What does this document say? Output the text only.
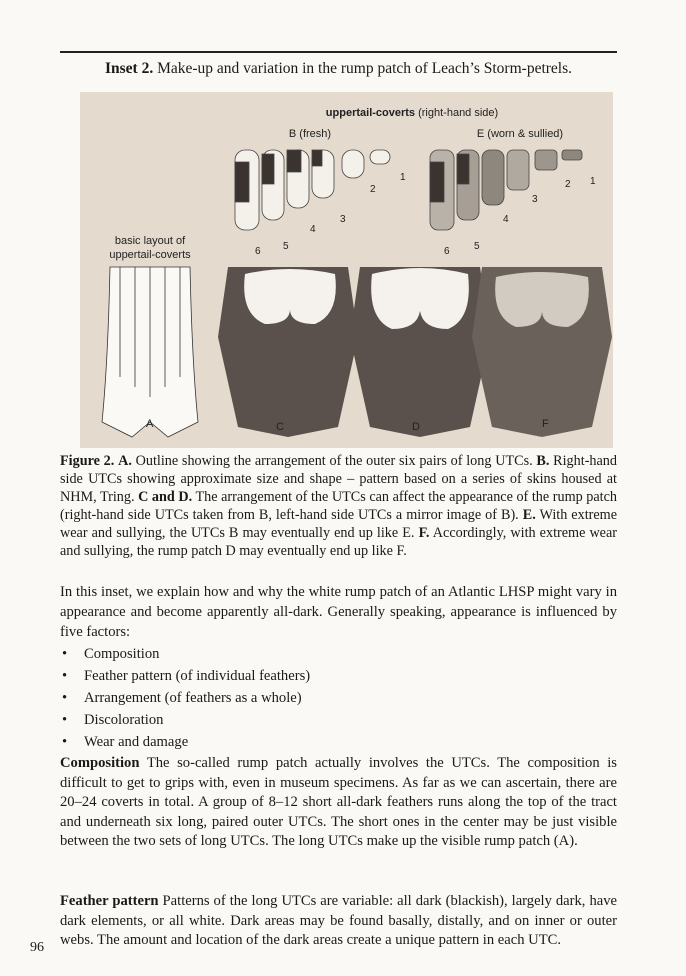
Inset 2. Make-up and variation in the rump patch of Leach’s Storm-petrels.
uppertail-coverts (right-hand side)
B (fresh)	E (worn & sullied)
1
2
3
4
5
6
1
2
3
4
5
6
basic layout of
uppertail-coverts
A	C	D	F
Figure 2. A. Outline showing the arrangement of the outer six pairs of long UTCs. B. Right-hand side UTCs showing approximate size and shape – pattern based on a series of skins housed at NHM, Tring. C and D. The arrangement of the UTCs can affect the appearance of the rump patch (right-hand side UTCs taken from B, left-hand side UTCs a mirror image of B). E. With extreme wear and sullying, the UTCs B may eventually end up like E. F. Accordingly, with extreme wear and sullying, the rump patch D may eventually end up like F.
In this inset, we explain how and why the white rump patch of an Atlantic LHSP might vary in appearance and become apparently all-dark. Generally speaking, appearance is influenced by five factors:
• Composition
• Feather pattern (of individual feathers)
• Arrangement (of feathers as a whole)
• Discoloration
• Wear and damage
Composition The so-called rump patch actually involves the UTCs. The composition is difficult to get to grips with, even in museum specimens. As far as we can ascertain, there are 20–24 coverts in total. A group of 8–12 short all-dark feathers runs along the top of the tract and underneath six long, paired outer UTCs. The short ones in the center may be just visible between the two sets of long UTCs. The long UTCs make up the visible rump patch (A).
Feather pattern Patterns of the long UTCs are variable: all dark (blackish), largely dark, have dark elements, or all white. Dark areas may be found basally, distally, and on inner or outer webs. The amount and location of the dark areas create a unique pattern in each UTC.
96
